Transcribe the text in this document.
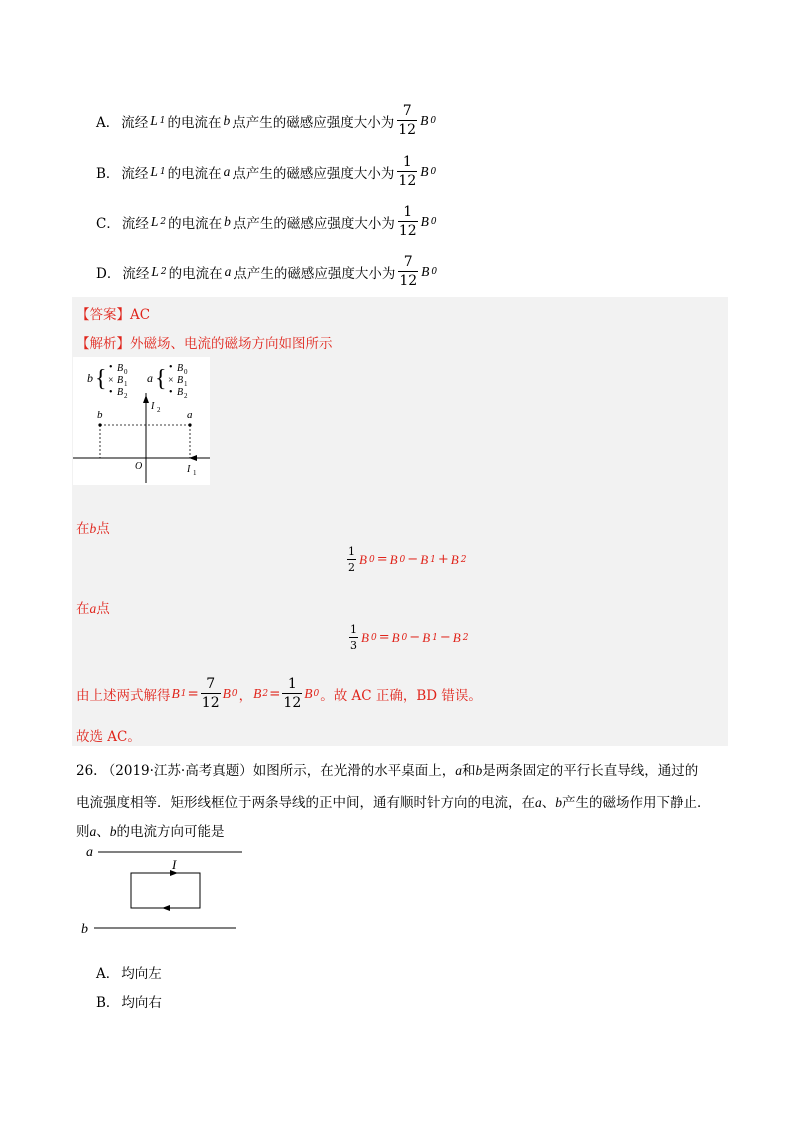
A． 流经 L 1 的电流在 b 点产生的磁感应强度大小为 $\frac{7}{12}$ B 0
B． 流经 L 1 的电流在 a 点产生的磁感应强度大小为 $\frac{1}{12}$ B 0
C． 流经 L 2 的电流在 b 点产生的磁感应强度大小为 $\frac{1}{12}$ B 0
D． 流经 L 2 的电流在 a 点产生的磁感应强度大小为 $\frac{7}{12}$ B 0
【答案】AC
【解析】外磁场、电流的磁场方向如图所示
b { • B 0
× B 1
• B 2
a { • B 0
× B 1
• B 2
I 2
I 1
O
b	a
在b点
$\frac{1}{2}$ B 0 = B 0 − B 1 + B 2
在a点
$\frac{1}{3}$ B 0 = B 0 − B 1 − B 2
由上述两式解得 B $1 = \frac{7}{12}$ B 0 ， B $2 = \frac{1}{12}$ B 0 。故 AC 正确，BD 错误。
故选 AC。
26. （2019·江苏·高考真题）如图所示，在光滑的水平桌面上，a和b是两条固定的平行长直导线，通过的
电流强度相等．矩形线框位于两条导线的正中间，通有顺时针方向的电流，在a、b产生的磁场作用下静止．
则a、b的电流方向可能是
a
I
b
A． 均向左
B． 均向右
